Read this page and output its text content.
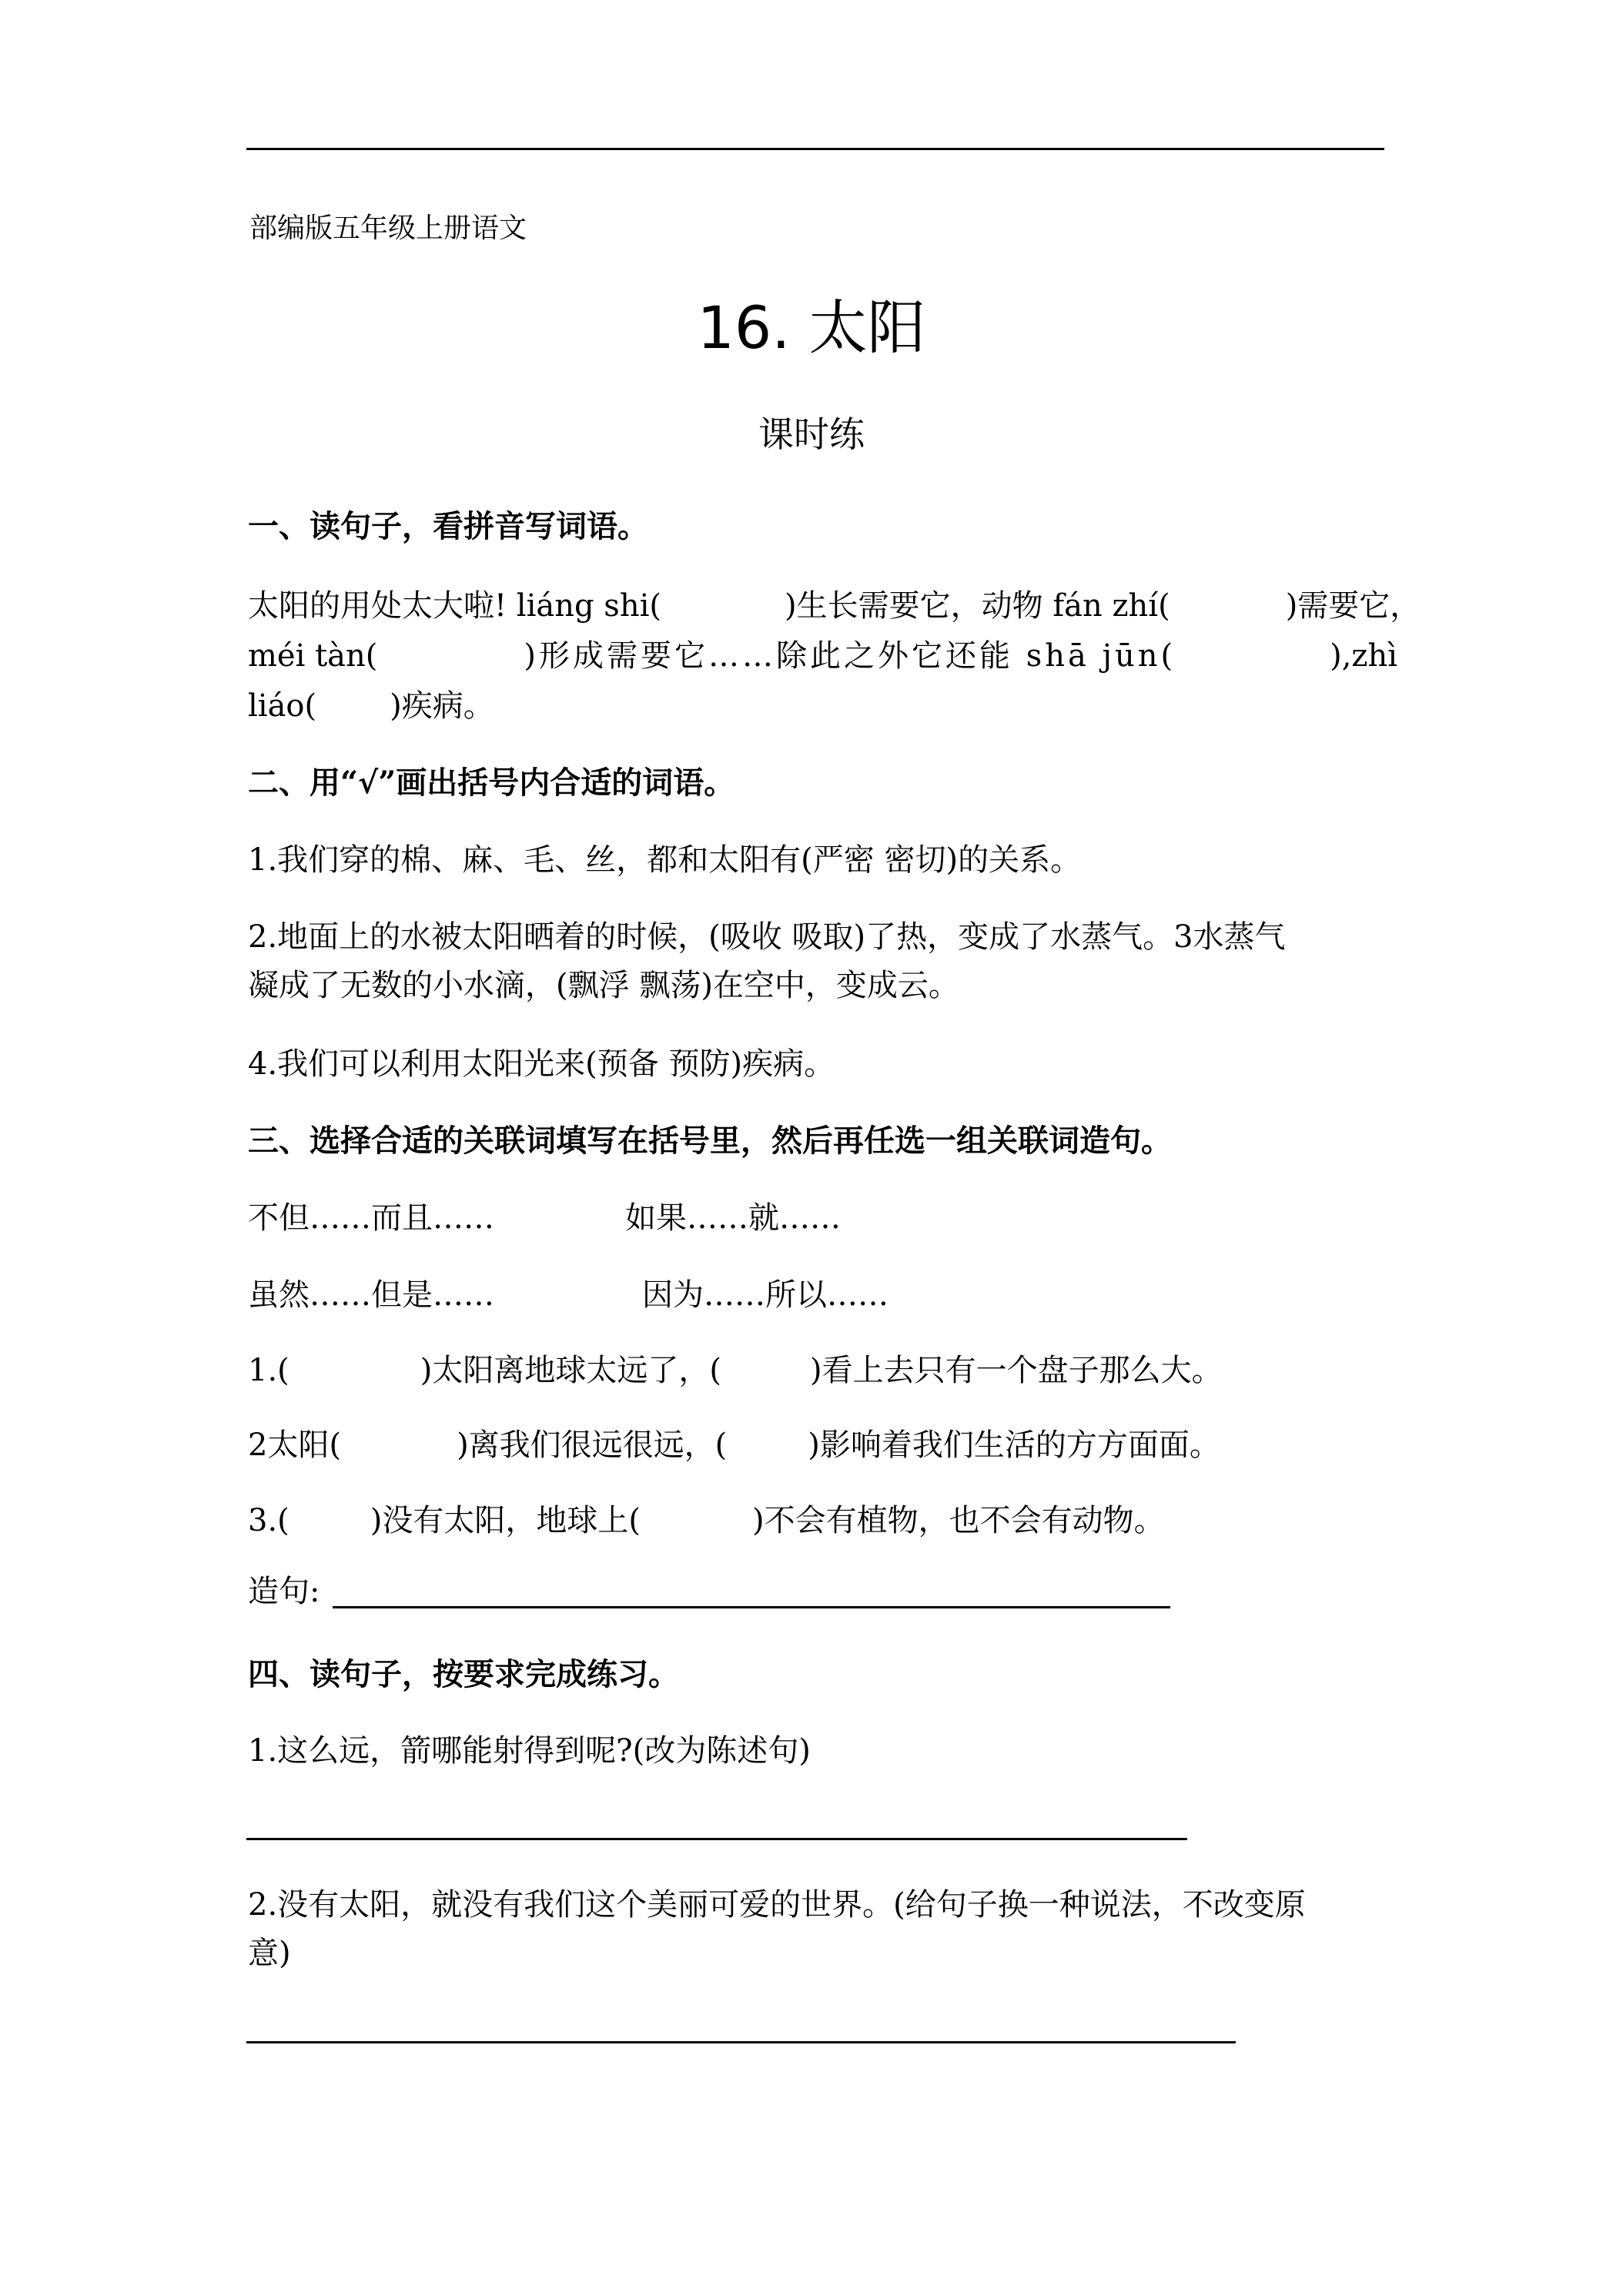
部编版五年级上册语文
16. 太阳
课时练
一、读句子，看拼音写词语。
太阳的用处太大啦! liáng shi(	)生长需要它，动物 fán zhí(	)需要它，
méi tàn(	)形成需要它……除此之外它还能 shā jūn(	),zhì
liáo( )疾病。
二、用“√”画出括号内合适的词语。
1.我们穿的棉、麻、毛、丝，都和太阳有(严密 密切)的关系。
2.地面上的水被太阳晒着的时候，(吸收 吸取)了热，变成了水蒸气。3水蒸气
凝成了无数的小水滴，(飘浮 飘荡)在空中，变成云。
4.我们可以利用太阳光来(预备 预防)疾病。
三、选择合适的关联词填写在括号里，然后再任选一组关联词造句。
不但……而且……	如果……就……
虽然……但是……	因为……所以……
1.(	)太阳离地球太远了，(	)看上去只有一个盘子那么大。
2太阳(	)离我们很远很远，(	)影响着我们生活的方方面面。
3.(	)没有太阳，地球上(	)不会有植物，也不会有动物。
造句:
四、读句子，按要求完成练习。
1.这么远，箭哪能射得到呢?(改为陈述句)
2.没有太阳，就没有我们这个美丽可爱的世界。(给句子换一种说法，不改变原
意)
